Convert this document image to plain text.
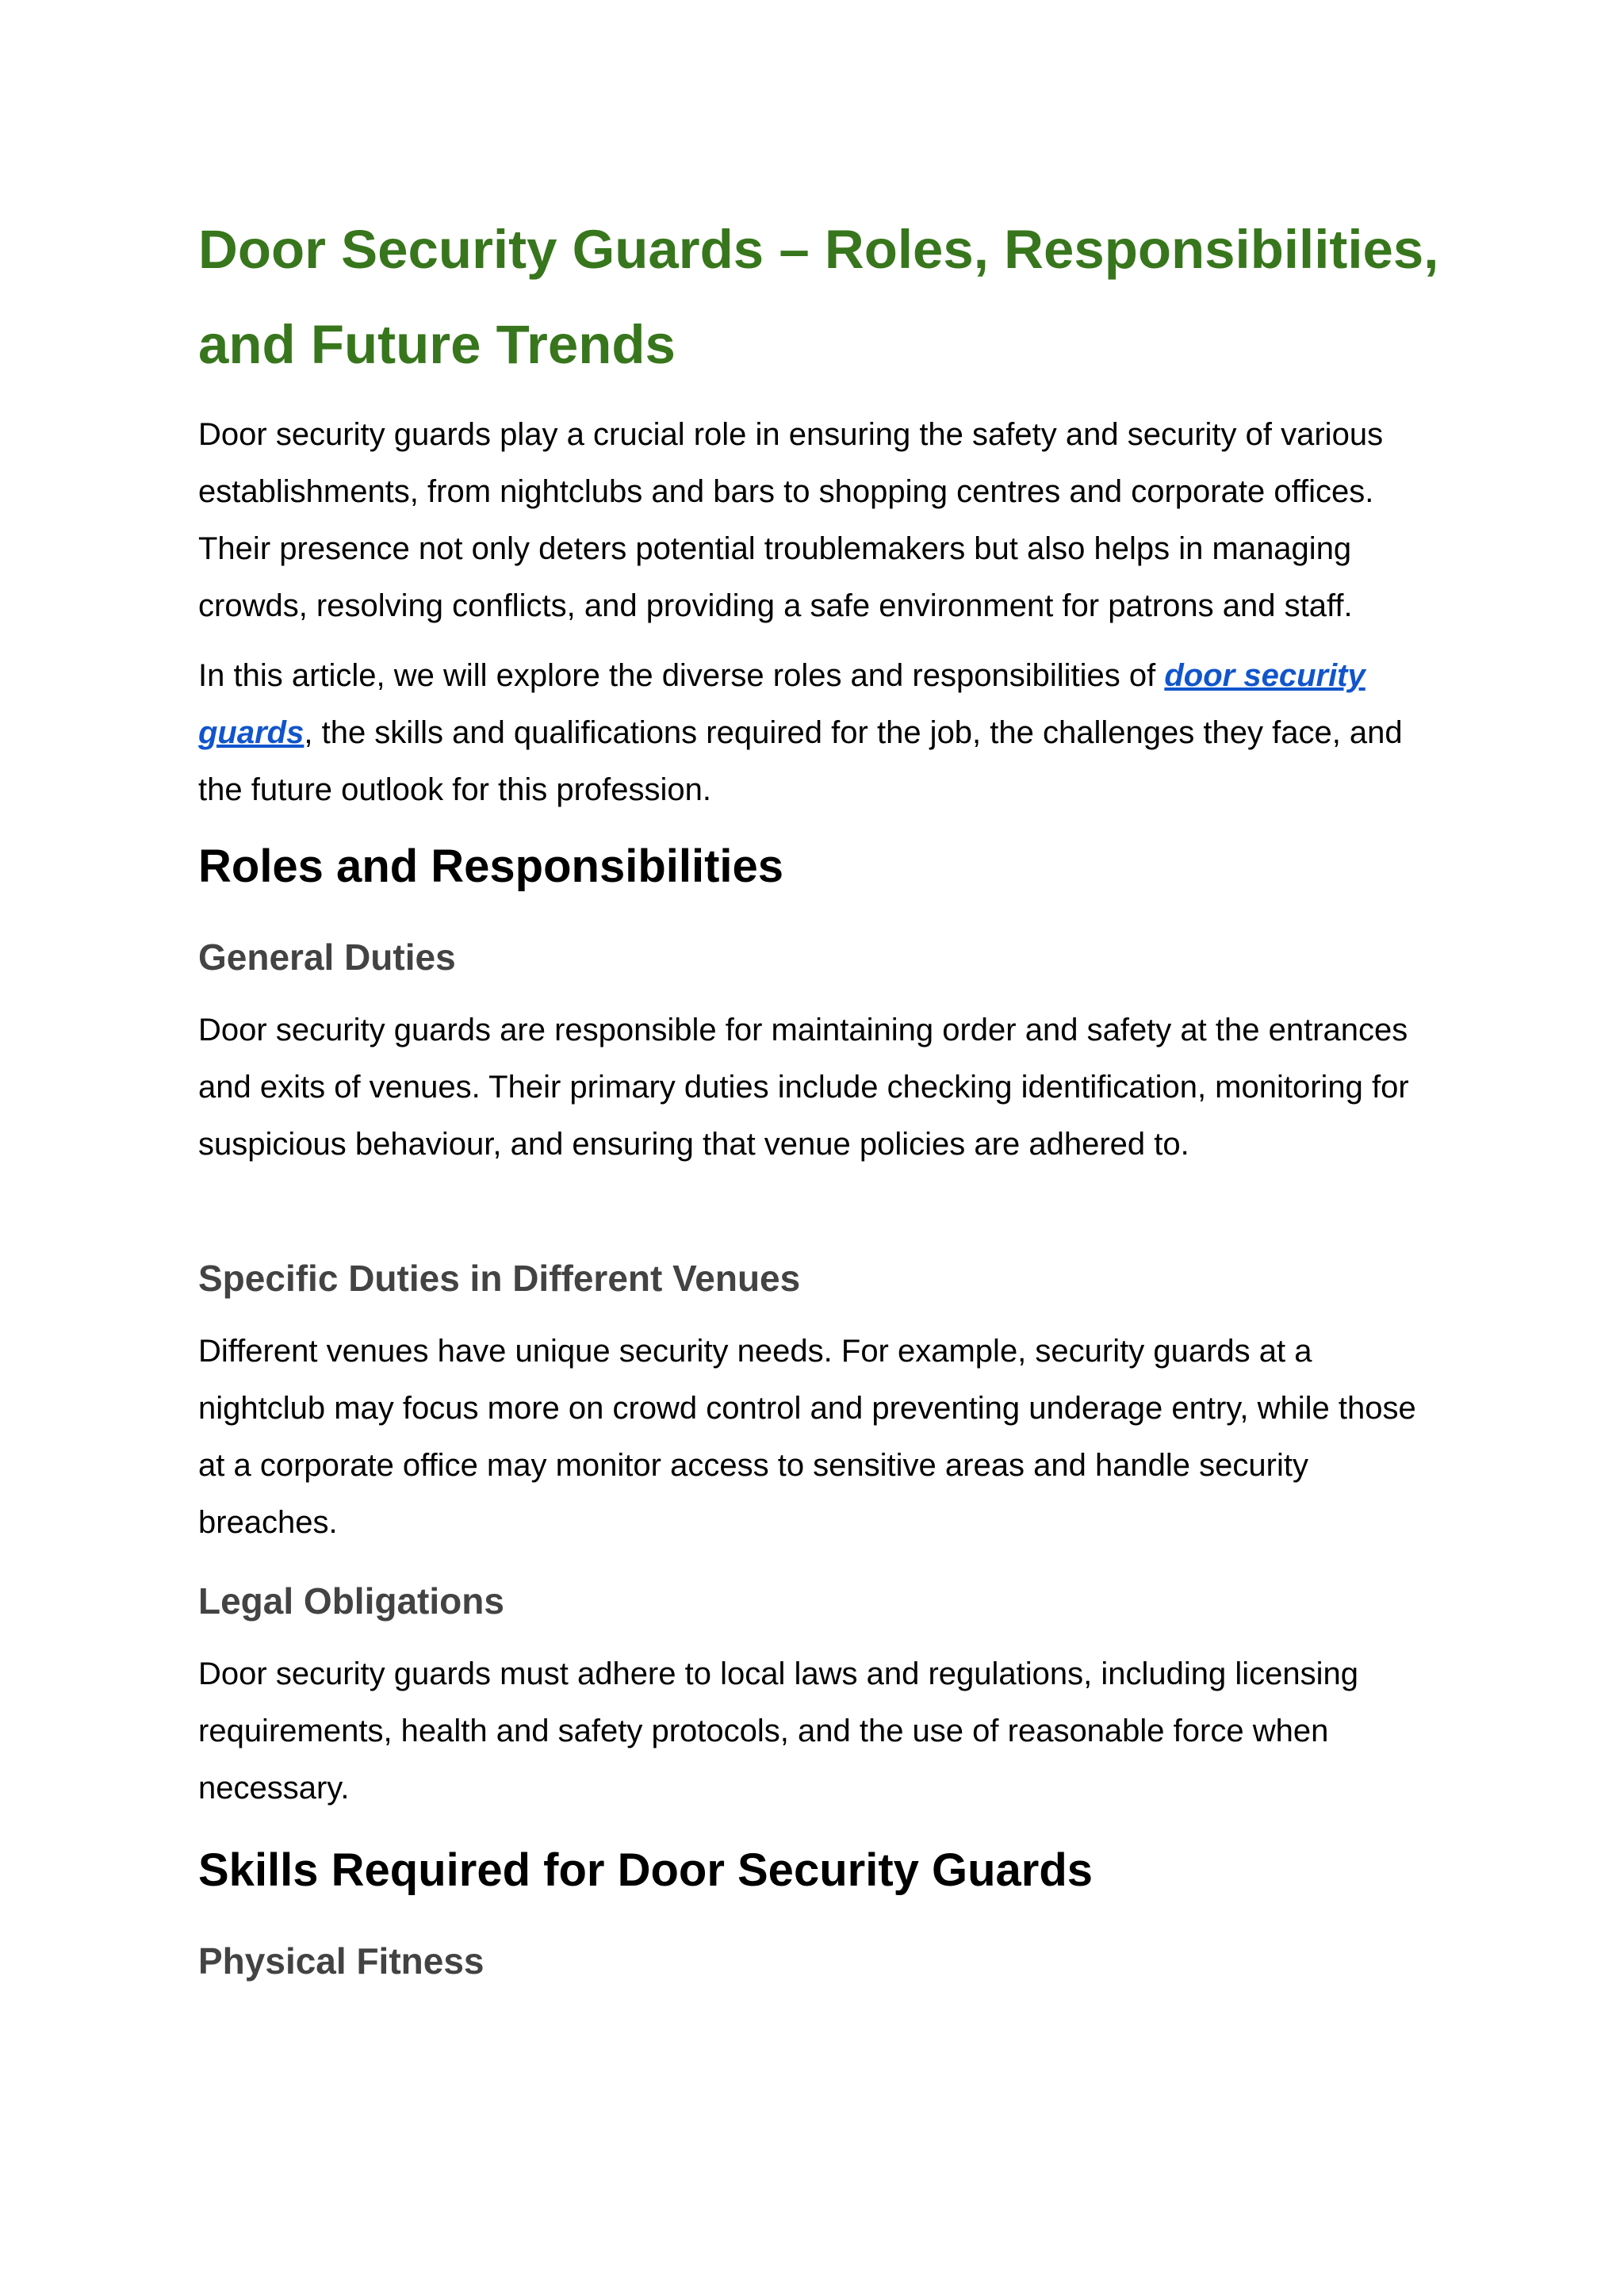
Door Security Guards – Roles, Responsibilities, and Future Trends

Door security guards play a crucial role in ensuring the safety and security of various establishments, from nightclubs and bars to shopping centres and corporate offices. Their presence not only deters potential troublemakers but also helps in managing crowds, resolving conflicts, and providing a safe environment for patrons and staff.

In this article, we will explore the diverse roles and responsibilities of door security guards, the skills and qualifications required for the job, the challenges they face, and the future outlook for this profession.

Roles and Responsibilities
General Duties

Door security guards are responsible for maintaining order and safety at the entrances and exits of venues. Their primary duties include checking identification, monitoring for suspicious behaviour, and ensuring that venue policies are adhered to.

Specific Duties in Different Venues

Different venues have unique security needs. For example, security guards at a nightclub may focus more on crowd control and preventing underage entry, while those at a corporate office may monitor access to sensitive areas and handle security breaches.

Legal Obligations

Door security guards must adhere to local laws and regulations, including licensing requirements, health and safety protocols, and the use of reasonable force when necessary.

Skills Required for Door Security Guards
Physical Fitness
